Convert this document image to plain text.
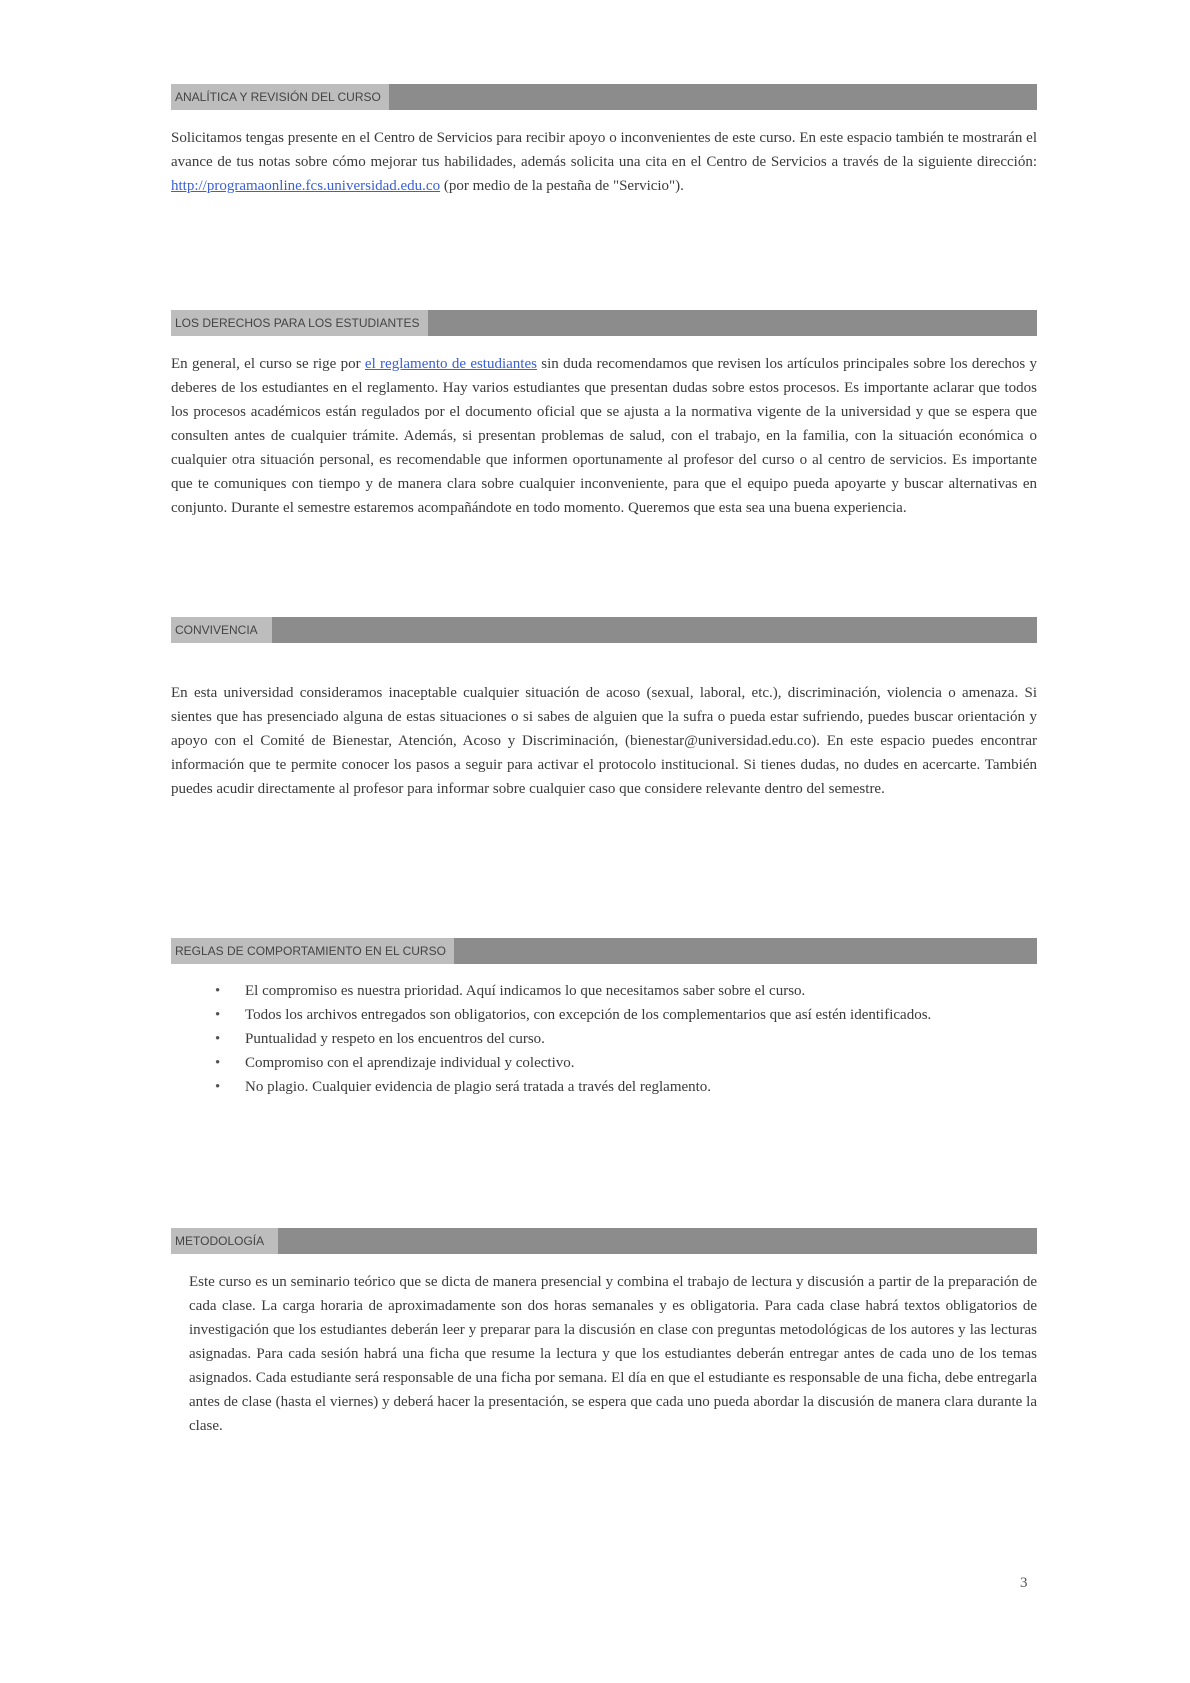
ANALÍTICA Y REVISIÓN DEL CURSO

Solicitamos tengas presente en el Centro de Servicios para recibir apoyo o inconvenientes de este curso. En este espacio también te mostrarán el avance de tus notas sobre cómo mejorar tus habilidades, además solicita una cita en el Centro de Servicios a través de la siguiente dirección: http://programaonline.fcs.universidad.edu.co (por medio de la pestaña de "Servicio").

LOS DERECHOS PARA LOS ESTUDIANTES

En general, el curso se rige por el reglamento de estudiantes sin duda recomendamos que revisen los artículos principales sobre los derechos y deberes de los estudiantes en el reglamento. Hay varios estudiantes que presentan dudas sobre estos procesos. Es importante aclarar que todos los procesos académicos están regulados por el documento oficial que se ajusta a la normativa vigente de la universidad y que se espera que consulten antes de cualquier trámite. Además, si presentan problemas de salud, con el trabajo, en la familia, con la situación económica o cualquier otra situación personal, es recomendable que informen oportunamente al profesor del curso o al centro de servicios. Es importante que te comuniques con tiempo y de manera clara sobre cualquier inconveniente, para que el equipo pueda apoyarte y buscar alternativas en conjunto. Durante el semestre estaremos acompañándote en todo momento. Queremos que esta sea una buena experiencia.

CONVIVENCIA

En esta universidad consideramos inaceptable cualquier situación de acoso (sexual, laboral, etc.), discriminación, violencia o amenaza. Si sientes que has presenciado alguna de estas situaciones o si sabes de alguien que la sufra o pueda estar sufriendo, puedes buscar orientación y apoyo con el Comité de Bienestar, Atención, Acoso y Discriminación, (bienestar@universidad.edu.co). En este espacio puedes encontrar información que te permite conocer los pasos a seguir para activar el protocolo institucional. Si tienes dudas, no dudes en acercarte. También puedes acudir directamente al profesor para informar sobre cualquier caso que considere relevante dentro del semestre.

REGLAS DE COMPORTAMIENTO EN EL CURSO
• El compromiso es nuestra prioridad. Aquí indicamos lo que necesitamos saber sobre el curso.
• Todos los archivos entregados son obligatorios, con excepción de los complementarios que así estén identificados.
• Puntualidad y respeto en los encuentros del curso.
• Compromiso con el aprendizaje individual y colectivo.
• No plagio. Cualquier evidencia de plagio será tratada a través del reglamento.
METODOLOGÍA

Este curso es un seminario teórico que se dicta de manera presencial y combina el trabajo de lectura y discusión a partir de la preparación de cada clase. La carga horaria de aproximadamente son dos horas semanales y es obligatoria. Para cada clase habrá textos obligatorios de investigación que los estudiantes deberán leer y preparar para la discusión en clase con preguntas metodológicas de los autores y las lecturas asignadas. Para cada sesión habrá una ficha que resume la lectura y que los estudiantes deberán entregar antes de cada uno de los temas asignados. Cada estudiante será responsable de una ficha por semana. El día en que el estudiante es responsable de una ficha, debe entregarla antes de clase (hasta el viernes) y deberá hacer la presentación, se espera que cada uno pueda abordar la discusión de manera clara durante la clase.

3
